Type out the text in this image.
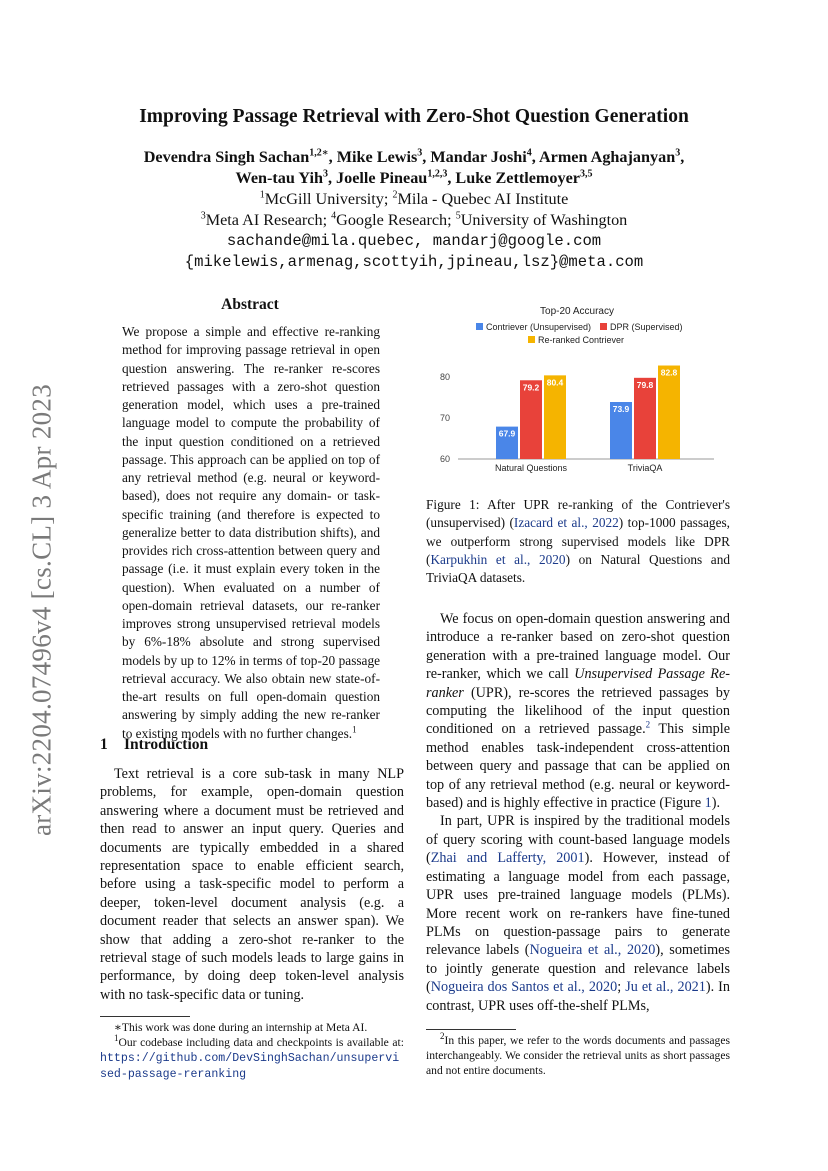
arXiv:2204.07496v4 [cs.CL] 3 Apr 2023
Improving Passage Retrieval with Zero-Shot Question Generation
Devendra Singh Sachan$^{1,2∗}$, Mike Lewis$^3$, Mandar Joshi$^4$, Armen Aghajanyan$^3$,
Wen-tau Yih$^3$, Joelle Pineau$^{1,2,3}$, Luke Zettlemoyer$^{3,5}$
$^1$McGill University; $^2$Mila - Quebec AI Institute
$^3$Meta AI Research; $^4$Google Research; $^5$University of Washington
sachande@mila.quebec, mandarj@google.com
{mikelewis,armenag,scottyih,jpineau,lsz}@meta.com
Abstract
We propose a simple and effective re-ranking method for improving passage retrieval in open question answering. The re-ranker re-scores retrieved passages with a zero-shot question generation model, which uses a pre-trained language model to compute the probability of the input question conditioned on a retrieved passage. This approach can be applied on top of any retrieval method (e.g. neural or keyword-based), does not require any domain- or task-specific training (and therefore is expected to generalize better to data distribution shifts), and provides rich cross-attention between query and passage (i.e. it must explain every token in the question). When evaluated on a number of open-domain retrieval datasets, our re-ranker improves strong unsupervised retrieval models by 6%-18% absolute and strong supervised models by up to 12% in terms of top-20 passage retrieval accuracy. We also obtain new state-of-the-art results on full open-domain question answering by simply adding the new re-ranker to existing models with no further changes.$^1$
1 Introduction

Text retrieval is a core sub-task in many NLP problems, for example, open-domain question answering where a document must be retrieved and then read to answer an input query. Queries and documents are typically embedded in a shared representation space to enable efficient search, before using a task-specific model to perform a deeper, token-level document analysis (e.g. a document reader that selects an answer span). We show that adding a zero-shot re-ranker to the retrieval stage of such models leads to large gains in performance, by doing deep token-level analysis with no task-specific data or tuning.

∗This work was done during an internship at Meta AI.
$^1$Our codebase including data and checkpoints is available at: https://github.com/DevSinghSachan/unsupervised-passage-reranking
Top-20 Accuracy
Contriever (Unsupervised) DPR (Supervised)
Re-ranked Contriever
60
70
80
67.9
79.2 80.4
Natural Questions
73.9
79.8
82.8
TriviaQA
Figure 1: After UPR re-ranking of the Contriever's (unsupervised) (Izacard et al., 2022) top-1000 passages, we outperform strong supervised models like DPR (Karpukhin et al., 2020) on Natural Questions and TriviaQA datasets.

We focus on open-domain question answering and introduce a re-ranker based on zero-shot question generation with a pre-trained language model. Our re-ranker, which we call Unsupervised Passage Re-ranker (UPR), re-scores the retrieved passages by computing the likelihood of the input question conditioned on a retrieved passage.$^2$ This simple method enables task-independent cross-attention between query and passage that can be applied on top of any retrieval method (e.g. neural or keyword-based) and is highly effective in practice (Figure 1).

In part, UPR is inspired by the traditional models of query scoring with count-based language models (Zhai and Lafferty, 2001). However, instead of estimating a language model from each passage, UPR uses pre-trained language models (PLMs). More recent work on re-rankers have fine-tuned PLMs on question-passage pairs to generate relevance labels (Nogueira et al., 2020), sometimes to jointly generate question and relevance labels (Nogueira dos Santos et al., 2020; Ju et al., 2021). In contrast, UPR uses off-the-shelf PLMs,

$^2$In this paper, we refer to the words documents and passages interchangeably. We consider the retrieval units as short passages and not entire documents.
